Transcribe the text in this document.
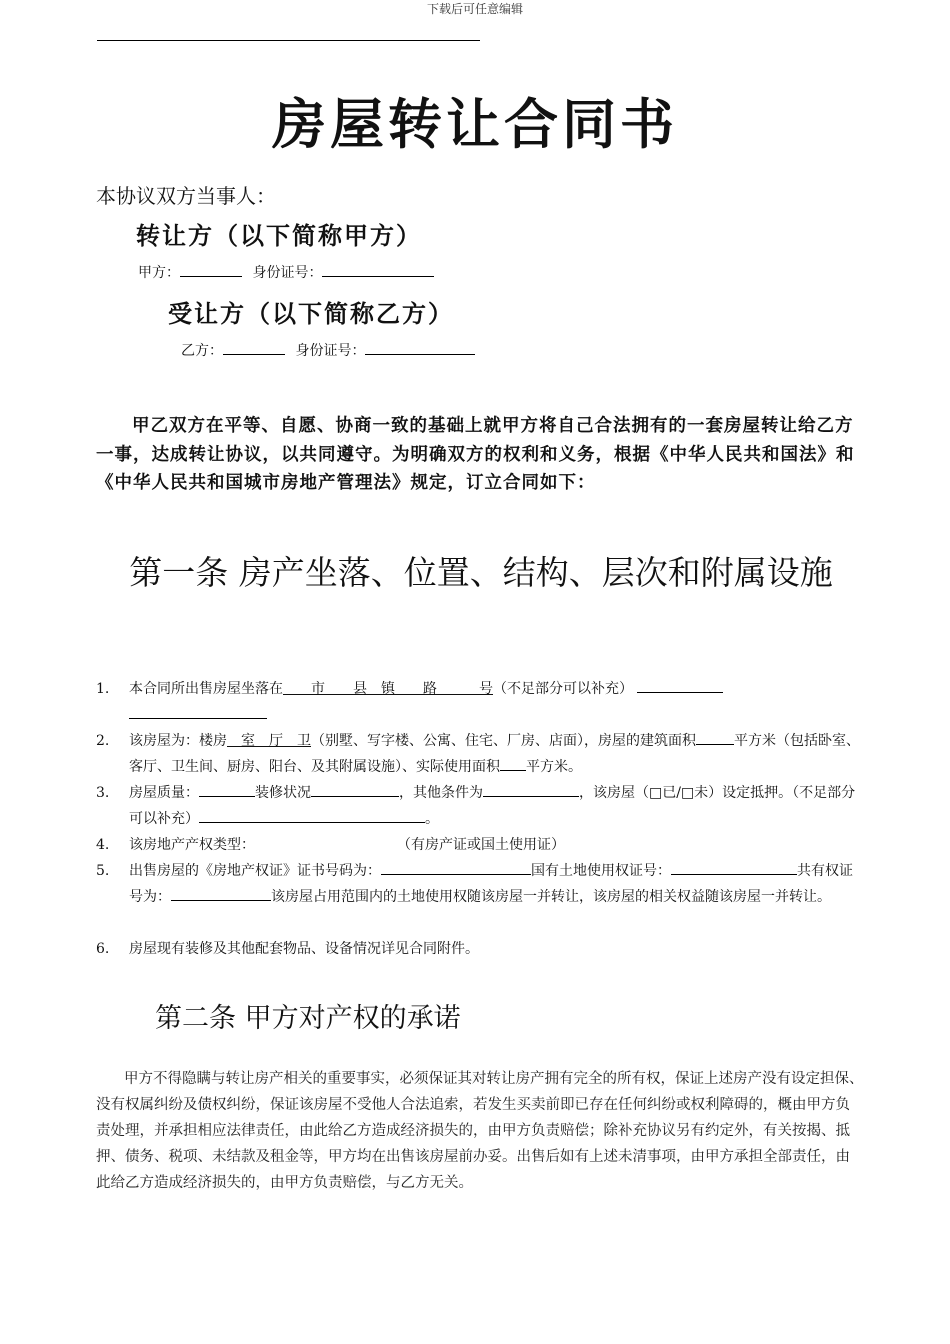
下载后可任意编辑
房屋转让合同书
本协议双方当事人：
转让方（以下简称甲方）
甲方：	身份证号：
受让方（以下简称乙方）
乙方：	身份证号：
甲乙双方在平等、自愿、协商一致的基础上就甲方将自己合法拥有的一套房屋转让给乙方一事，达成转让协议，以共同遵守。为明确双方的权利和义务，根据《中华人民共和国法》和《中华人民共和国城市房地产管理法》规定，订立合同如下：
第一条 房产坐落、位置、结构、层次和附属设施
1. 本合同所出售房屋坐落在　　市　　县　镇　　路　　　号（不足部分可以补充）

2. 该房屋为：楼房　室　厅　卫（别墅、写字楼、公寓、住宅、厂房、店面），房屋的建筑面积	平方米（包括卧室、客厅、卫生间、厨房、阳台、及其附属设施）、实际使用面积 平方米。
3. 房屋质量：	装修状况	，其他条件为	，该房屋（□已/□未）设定抵押。（不足部分可以补充）	。
4. 该房地产产权类型：	（有房产证或国土使用证）
5. 出售房屋的《房地产权证》证书号码为：	国有土地使用权证号：	共有权证号为：	该房屋占用范围内的土地使用权随该房屋一并转让，该房屋的相关权益随该房屋一并转让。
6. 房屋现有装修及其他配套物品、设备情况详见合同附件。
第二条 甲方对产权的承诺
甲方不得隐瞒与转让房产相关的重要事实，必须保证其对转让房产拥有完全的所有权，保证上述房产没有设定担保、没有权属纠纷及债权纠纷，保证该房屋不受他人合法追索，若发生买卖前即已存在任何纠纷或权利障碍的，概由甲方负责处理，并承担相应法律责任，由此给乙方造成经济损失的，由甲方负责赔偿；除补充协议另有约定外，有关按揭、抵押、债务、税项、未结款及租金等，甲方均在出售该房屋前办妥。出售后如有上述未清事项，由甲方承担全部责任，由此给乙方造成经济损失的，由甲方负责赔偿，与乙方无关。
